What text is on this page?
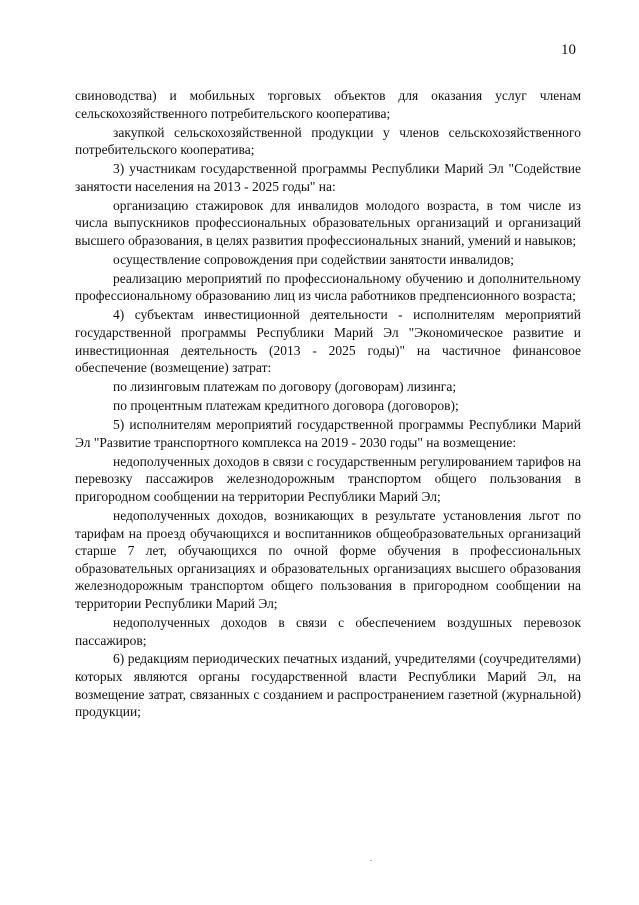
10

свиноводства) и мобильных торговых объектов для оказания услуг членам сельскохозяйственного потребительского кооператива;

закупкой сельскохозяйственной продукции у членов сельскохозяйственного потребительского кооператива;

3) участникам государственной программы Республики Марий Эл "Содействие занятости населения на 2013 - 2025 годы" на:

организацию стажировок для инвалидов молодого возраста, в том числе из числа выпускников профессиональных образовательных организаций и организаций высшего образования, в целях развития профессиональных знаний, умений и навыков;

осуществление сопровождения при содействии занятости инвалидов;

реализацию мероприятий по профессиональному обучению и дополнительному профессиональному образованию лиц из числа работников предпенсионного возраста;

4) субъектам инвестиционной деятельности - исполнителям мероприятий государственной программы Республики Марий Эл "Экономическое развитие и инвестиционная деятельность (2013 - 2025 годы)" на частичное финансовое обеспечение (возмещение) затрат:

по лизинговым платежам по договору (договорам) лизинга;

по процентным платежам кредитного договора (договоров);

5) исполнителям мероприятий государственной программы Республики Марий Эл "Развитие транспортного комплекса на 2019 - 2030 годы" на возмещение:

недополученных доходов в связи с государственным регулированием тарифов на перевозку пассажиров железнодорожным транспортом общего пользования в пригородном сообщении на территории Республики Марий Эл;

недополученных доходов, возникающих в результате установления льгот по тарифам на проезд обучающихся и воспитанников общеобразовательных организаций старше 7 лет, обучающихся по очной форме обучения в профессиональных образовательных организациях и образовательных организациях высшего образования железнодорожным транспортом общего пользования в пригородном сообщении на территории Республики Марий Эл;

недополученных доходов в связи с обеспечением воздушных перевозок пассажиров;

6) редакциям периодических печатных изданий, учредителями (соучредителями) которых являются органы государственной власти Республики Марий Эл, на возмещение затрат, связанных с созданием и распространением газетной (журнальной) продукции;
